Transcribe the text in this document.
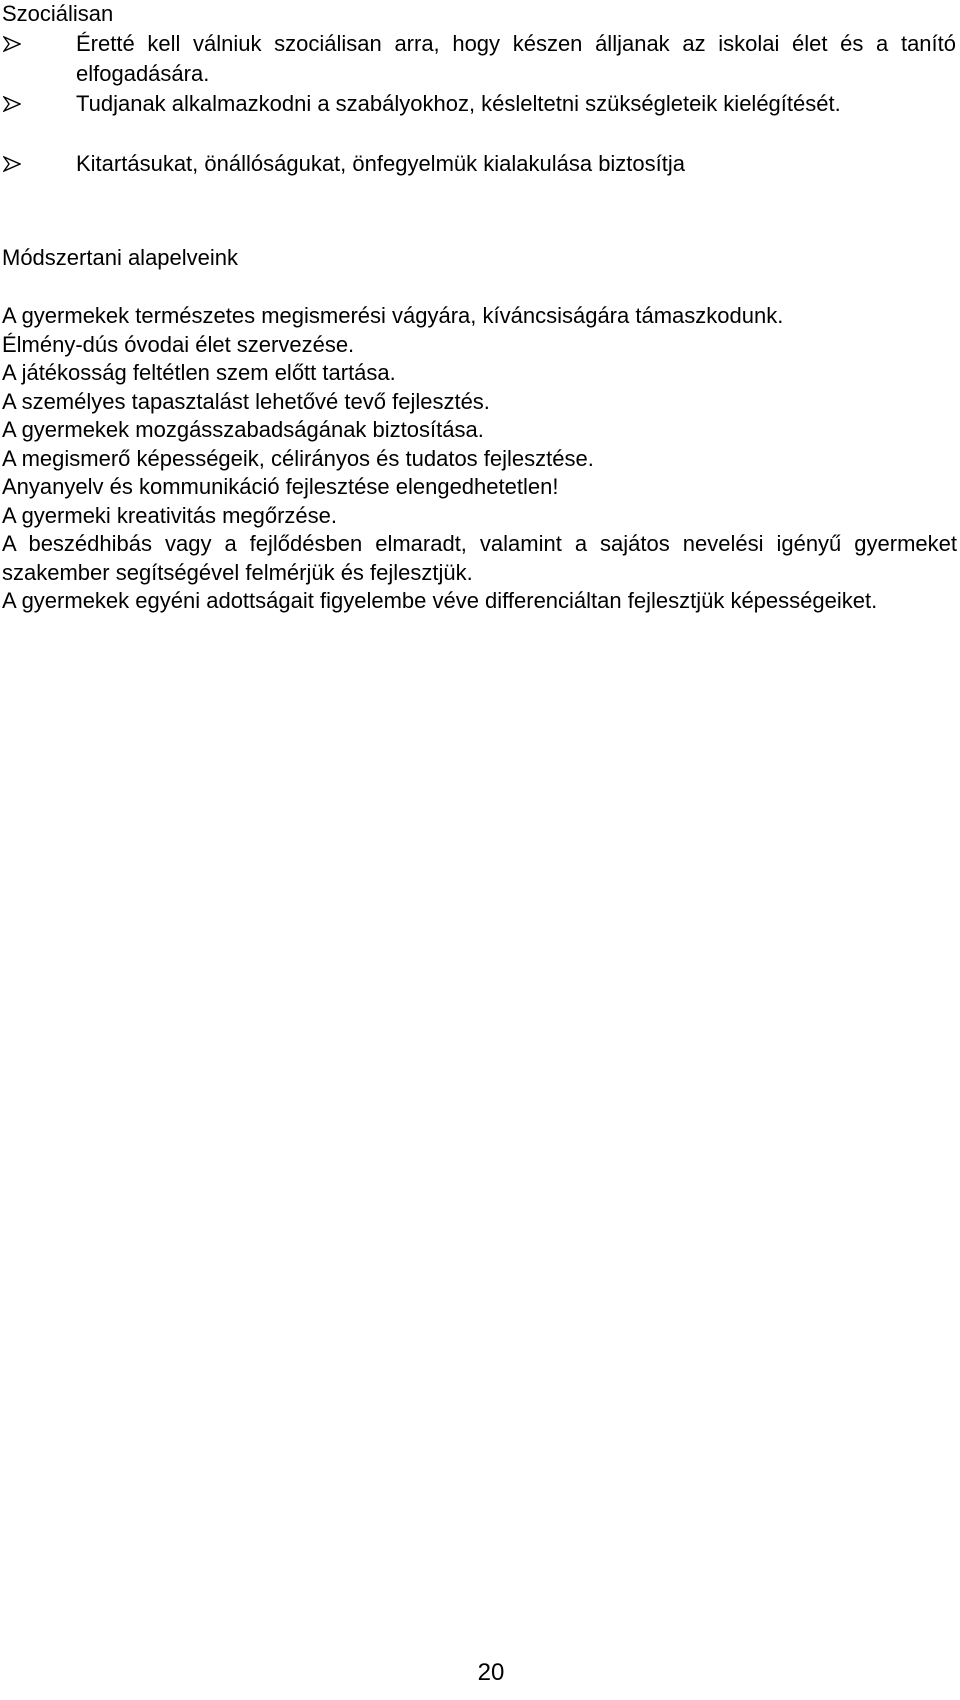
Szociálisan
Éretté kell válniuk szociálisan arra, hogy készen álljanak az iskolai élet és a tanító elfogadására.
Tudjanak alkalmazkodni a szabályokhoz, késleltetni szükségleteik kielégítését.
Kitartásukat, önállóságukat, önfegyelmük kialakulása biztosítja
Módszertani alapelveink
A gyermekek természetes megismerési vágyára, kíváncsiságára támaszkodunk.
Élmény-dús óvodai élet szervezése.
A játékosság feltétlen szem előtt tartása.
A személyes tapasztalást lehetővé tevő fejlesztés.
A gyermekek mozgásszabadságának biztosítása.
A megismerő képességeik, célirányos és tudatos fejlesztése.
Anyanyelv és kommunikáció fejlesztése elengedhetetlen!
A gyermeki kreativitás megőrzése.
A beszédhibás vagy a fejlődésben elmaradt, valamint a sajátos nevelési igényű gyermeket szakember segítségével felmérjük és fejlesztjük.
A gyermekek egyéni adottságait figyelembe véve differenciáltan fejlesztjük képességeiket.
20
